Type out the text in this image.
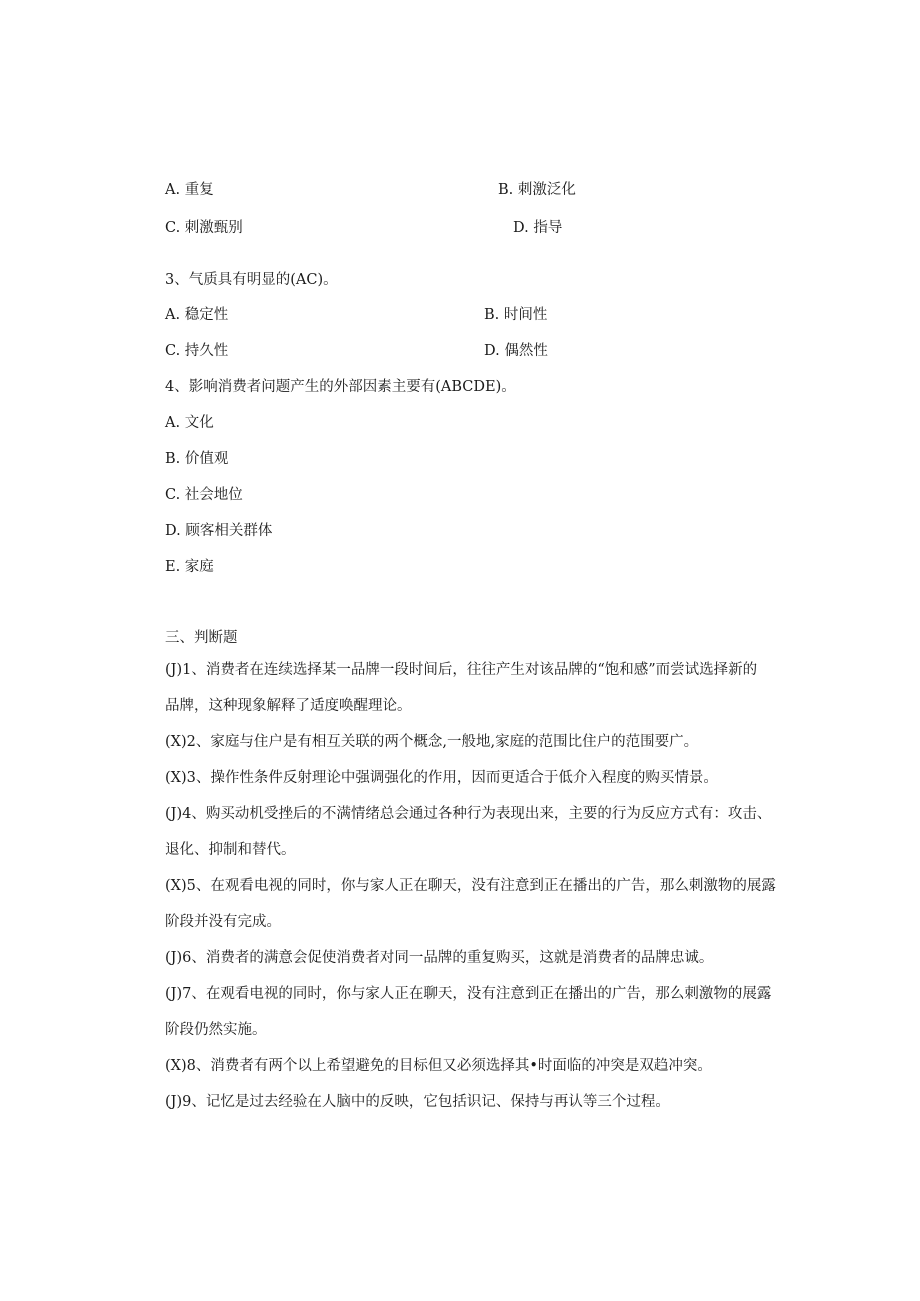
A. 重复	B. 刺激泛化
C. 刺激甄别	D. 指导
3、气质具有明显的(AC)。
A. 稳定性	B. 时间性
C. 持久性	D. 偶然性
4、影响消费者问题产生的外部因素主要有(ABCDE)。
A. 文化
B. 价值观
C. 社会地位
D. 顾客相关群体
E. 家庭
三、判断题
(J)1、消费者在连续选择某一品牌一段时间后，往往产生对该品牌的“饱和感”而尝试选择新的
品牌，这种现象解释了适度唤醒理论。
(X)2、家庭与住户是有相互关联的两个概念,一般地,家庭的范围比住户的范围要广。
(X)3、操作性条件反射理论中强调强化的作用，因而更适合于低介入程度的购买情景。
(J)4、购买动机受挫后的不满情绪总会通过各种行为表现出来，主要的行为反应方式有：攻击、
退化、抑制和替代。
(X)5、在观看电视的同时，你与家人正在聊天，没有注意到正在播出的广告，那么刺激物的展露
阶段并没有完成。
(J)6、消费者的满意会促使消费者对同一品牌的重复购买，这就是消费者的品牌忠诚。
(J)7、在观看电视的同时，你与家人正在聊天，没有注意到正在播出的广告，那么刺激物的展露
阶段仍然实施。
(X)8、消费者有两个以上希望避免的目标但又必须选择其•时面临的冲突是双趋冲突。
(J)9、记忆是过去经验在人脑中的反映，它包括识记、保持与再认等三个过程。
